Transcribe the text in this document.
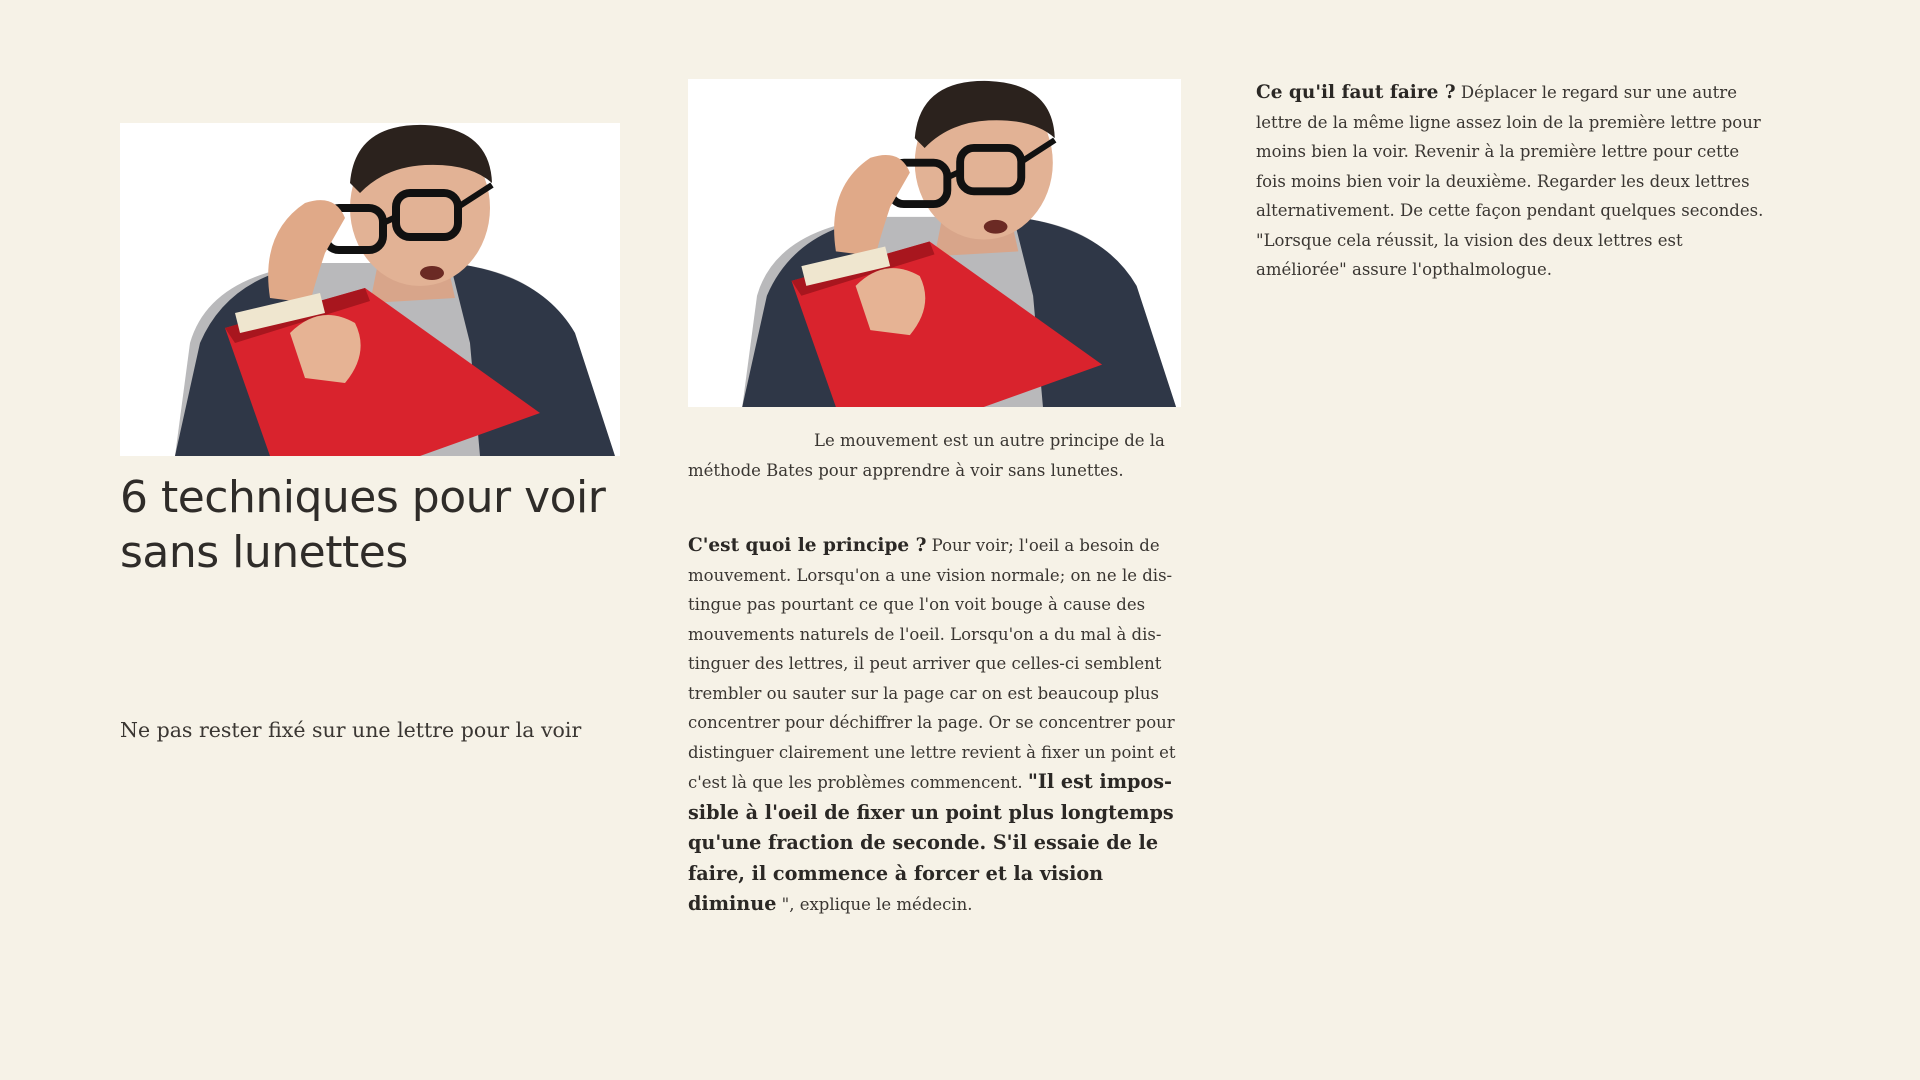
6 techniques pour voir sans lunettes

Ne pas rester fixé sur une lettre pour la voir

Le mouvement est un autre principe de la méthode Bates pour apprendre à voir sans lunettes.

C'est quoi le principe ? Pour voir; l'oeil a besoin de mouvement. Lorsqu'on a une vision normale; on ne le distingue pas pourtant ce que l'on voit bouge à cause des mouvements naturels de l'oeil. Lorsqu'on a du mal à distinguer des lettres, il peut arriver que celles-ci semblent trembler ou sauter sur la page car on est beaucoup plus concentrer pour déchiffrer la page. Or se concentrer pour distinguer clairement une lettre revient à fixer un point et c'est là que les problèmes commencent. "Il est impossible à l'oeil de fixer un point plus longtemps qu'une fraction de seconde. S'il essaie de le faire, il commence à forcer et la vision diminue ", explique le médecin.

Ce qu'il faut faire ? Déplacer le regard sur une autre lettre de la même ligne assez loin de la première lettre pour moins bien la voir. Revenir à la première lettre pour cette fois moins bien voir la deuxième. Regarder les deux lettres alternativement. De cette façon pendant quelques secondes. "Lorsque cela réussit, la vision des deux lettres est améliorée" assure l'opthalmologue.
